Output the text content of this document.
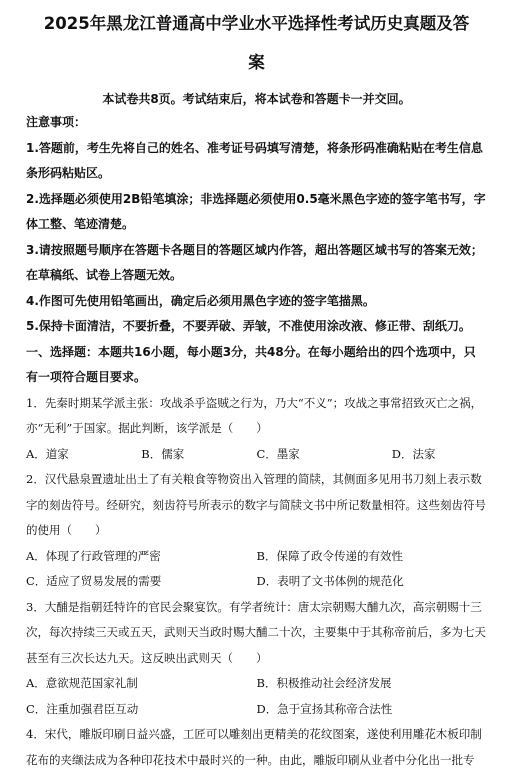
2025年黑龙江普通高中学业水平选择性考试历史真题及答
案
本试卷共8页。考试结束后，将本试卷和答题卡一并交回。

注意事项：

1.答题前，考生先将自己的姓名、准考证号码填写清楚，将条形码准确粘贴在考生信息条形码粘贴区。

2.选择题必须使用2B铅笔填涂；非选择题必须使用0.5毫米黑色字迹的签字笔书写，字体工整、笔迹清楚。

3.请按照题号顺序在答题卡各题目的答题区域内作答，超出答题区域书写的答案无效；在草稿纸、试卷上答题无效。

4.作图可先使用铅笔画出，确定后必须用黑色字迹的签字笔描黑。

5.保持卡面清洁，不要折叠，不要弄破、弄皱，不准使用涂改液、修正带、刮纸刀。

一、选择题：本题共16小题，每小题3分，共48分。在每小题给出的四个选项中，只有一项符合题目要求。

1．先秦时期某学派主张：攻战杀乎盗贼之行为，乃大“不义”；攻战之事常招致灭亡之祸，亦“无利”于国家。据此判断，该学派是（　　）

A．道家	B．儒家	C．墨家	D．法家

2．汉代悬泉置遗址出土了有关粮食等物资出入管理的简牍，其侧面多见用书刀刻上表示数字的刻齿符号。经研究，刻齿符号所表示的数字与简牍文书中所记数量相符。这些刻齿符号的使用（　　）

A．体现了行政管理的严密	B．保障了政令传递的有效性
C．适应了贸易发展的需要	D．表明了文书体例的规范化

3．大酺是指朝廷特许的官民会聚宴饮。有学者统计：唐太宗朝赐大酺九次，高宗朝赐十三次，每次持续三天或五天，武则天当政时赐大酺二十次，主要集中于其称帝前后，多为七天甚至有三次长达九天。这反映出武则天（　　）

A．意欲规范国家礼制	B．积极推动社会经济发展
C．注重加强君臣互动	D．急于宣扬其称帝合法性

4．宋代，雕版印刷日益兴盛，工匠可以雕刻出更精美的花纹图案，遂使利用雕花木板印制花布的夹缬法成为各种印花技术中最时兴的一种。由此，雕版印刷从业者中分化出一批专
